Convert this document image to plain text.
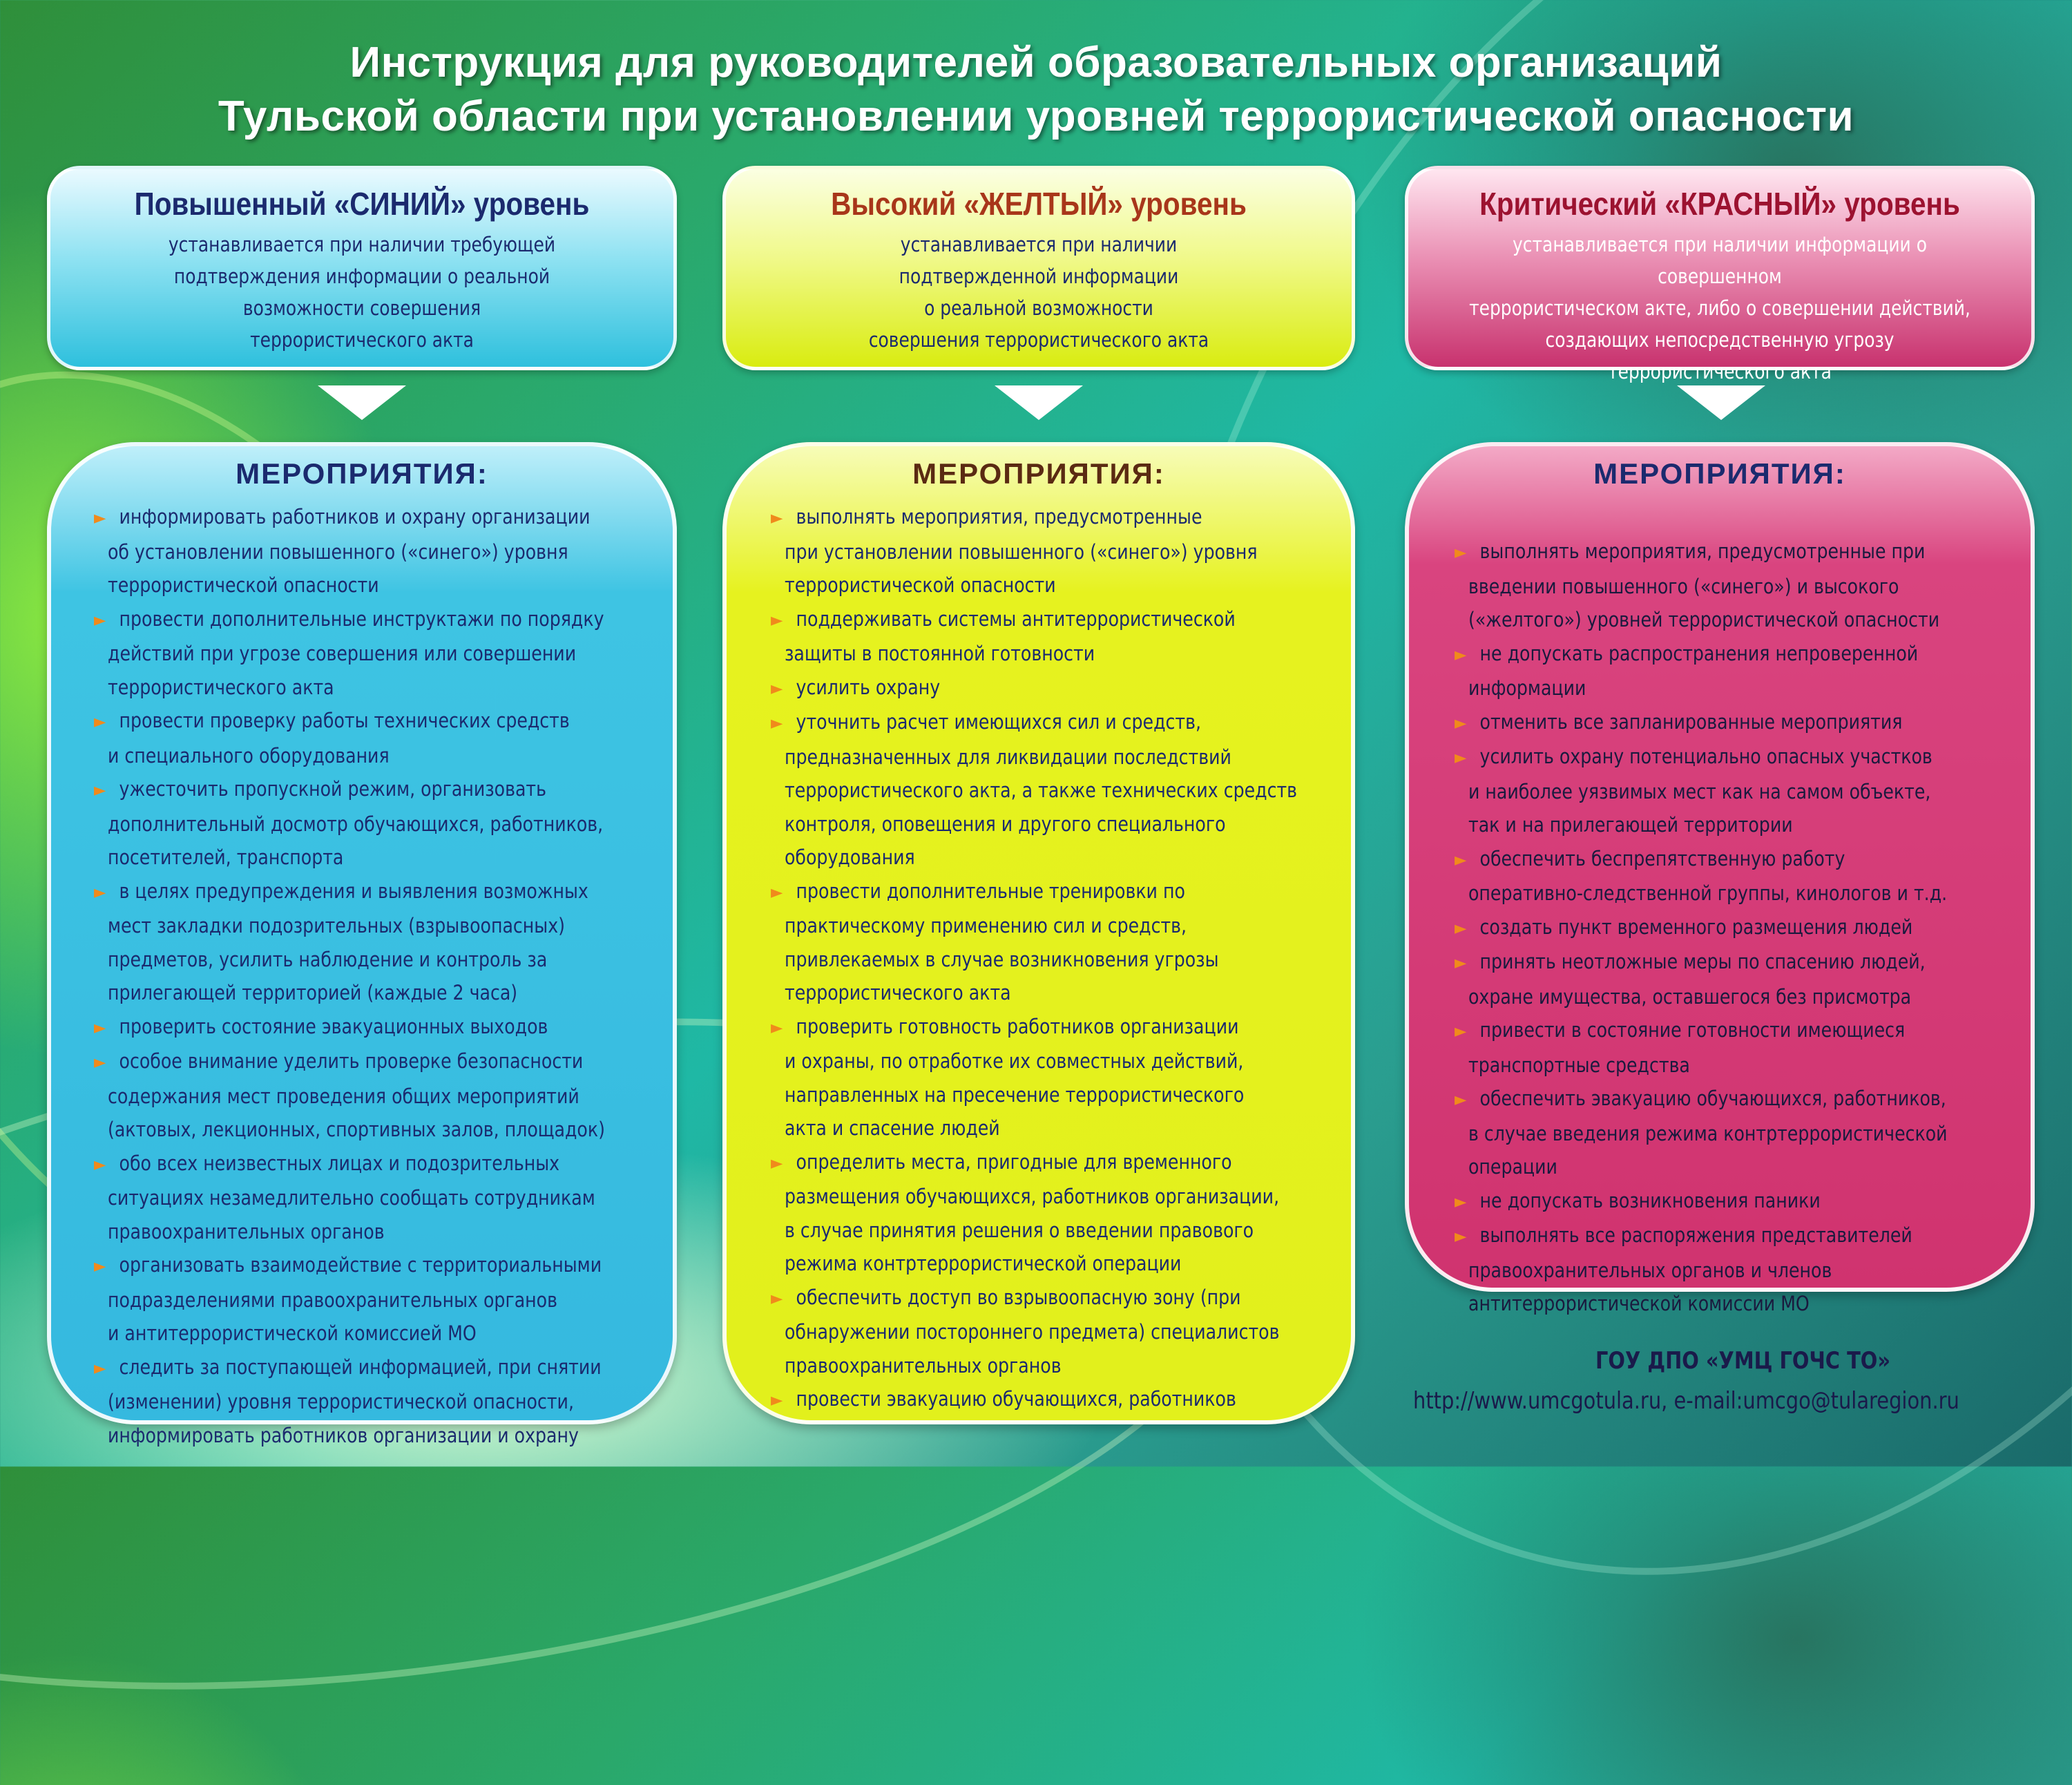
Инструкция для руководителей образовательных организаций
Тульской области при установлении уровней террористической опасности
Повышенный «СИНИЙ» уровень
устанавливается при наличии требующей
подтверждения информации о реальной
возможности совершения
террористического акта
МЕРОПРИЯТИЯ:
► информировать работников и охрану организации
об установлении повышенного («синего») уровня
террористической опасности
► провести дополнительные инструктажи по порядку
действий при угрозе совершения или совершении
террористического акта
► провести проверку работы технических средств
и специального оборудования
► ужесточить пропускной режим, организовать
дополнительный досмотр обучающихся, работников,
посетителей, транспорта
► в целях предупреждения и выявления возможных
мест закладки подозрительных (взрывоопасных)
предметов, усилить наблюдение и контроль за
прилегающей территорией (каждые 2 часа)
► проверить состояние эвакуационных выходов
► особое внимание уделить проверке безопасности
содержания мест проведения общих мероприятий
(актовых, лекционных, спортивных залов, площадок)
► обо всех неизвестных лицах и подозрительных
ситуациях незамедлительно сообщать сотрудникам
правоохранительных органов
► организовать взаимодействие с территориальными
подразделениями правоохранительных органов
и антитеррористической комиссией МО
► следить за поступающей информацией, при снятии
(изменении) уровня террористической опасности,
информировать работников организации и охрану
Высокий «ЖЕЛТЫЙ» уровень
устанавливается при наличии
подтвержденной информации
о реальной возможности
совершения террористического акта
МЕРОПРИЯТИЯ:
► выполнять мероприятия, предусмотренные
при установлении повышенного («синего») уровня
террористической опасности
► поддерживать системы антитеррористической
защиты в постоянной готовности
► усилить охрану
► уточнить расчет имеющихся сил и средств,
предназначенных для ликвидации последствий
террористического акта, а также технических средств
контроля, оповещения и другого специального
оборудования
► провести дополнительные тренировки по
практическому применению сил и средств,
привлекаемых в случае возникновения угрозы
террористического акта
► проверить готовность работников организации
и охраны, по отработке их совместных действий,
направленных на пресечение террористического
акта и спасение людей
► определить места, пригодные для временного
размещения обучающихся, работников организации,
в случае принятия решения о введении правового
режима контртеррористической операции
► обеспечить доступ во взрывоопасную зону (при
обнаружении постороннего предмета) специалистов
правоохранительных органов
► провести эвакуацию обучающихся, работников
Критический «КРАСНЫЙ» уровень
устанавливается при наличии информации о совершенном
террористическом акте, либо о совершении действий,
создающих непосредственную угрозу
террористического акта
МЕРОПРИЯТИЯ:
► выполнять мероприятия, предусмотренные при
введении повышенного («синего») и высокого
(«желтого») уровней террористической опасности
► не допускать распространения непроверенной
информации
► отменить все запланированные мероприятия
► усилить охрану потенциально опасных участков
и наиболее уязвимых мест как на самом объекте,
так и на прилегающей территории
► обеспечить беспрепятственную работу
оперативно-следственной группы, кинологов и т.д.
► создать пункт временного размещения людей
► принять неотложные меры по спасению людей,
охране имущества, оставшегося без присмотра
► привести в состояние готовности имеющиеся
транспортные средства
► обеспечить эвакуацию обучающихся, работников,
в случае введения режима контртеррористической
операции
► не допускать возникновения паники
► выполнять все распоряжения представителей
правоохранительных органов и членов
антитеррористической комиссии МО
ГОУ ДПО «УМЦ ГОЧС ТО»
http://www.umcgotula.ru, e-mail:umcgo@tularegion.ru
